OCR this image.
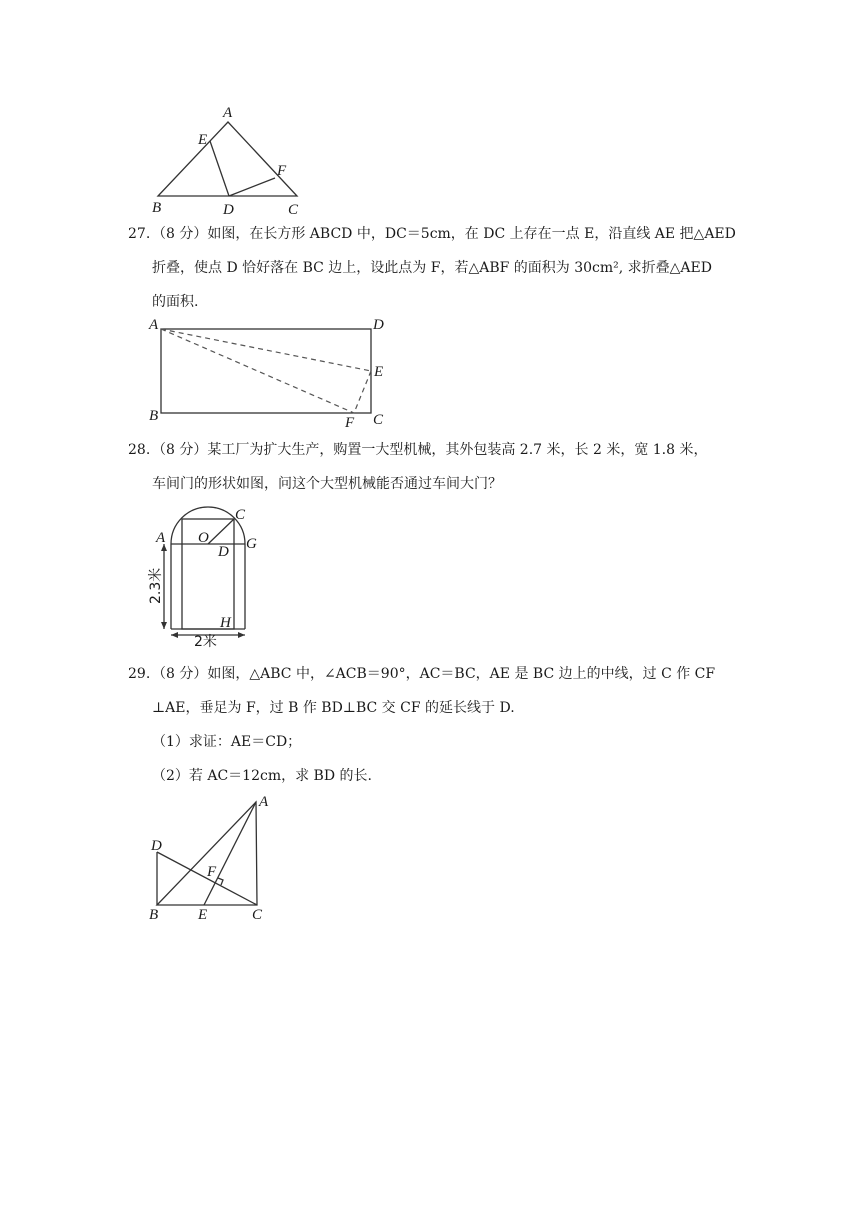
A
E
F
B	D	C
27. （8 分）如图，在长方形 ABCD 中，DC＝5cm，在 DC 上存在一点 E，沿直线 AE 把△AED
折叠，使点 D 恰好落在 BC 边上，设此点为 F，若△ABF 的面积为 30cm², 求折叠△AED
的面积.
A	D
E
B	F C
28. （8 分）某工厂为扩大生产，购置一大型机械，其外包装高 2.7 米，长 2 米，宽 1.8 米，
车间门的形状如图，问这个大型机械能否通过车间大门？
A O
C
D G
H
2.3米
2米
29. （8 分）如图，△ABC 中，∠ACB＝90°，AC＝BC，AE 是 BC 边上的中线，过 C 作 CF
⊥AE，垂足为 F，过 B 作 BD⊥BC 交 CF 的延长线于 D.
（1）求证：AE＝CD；
（2）若 AC＝12cm，求 BD 的长.
A
D
F
B	E	C
